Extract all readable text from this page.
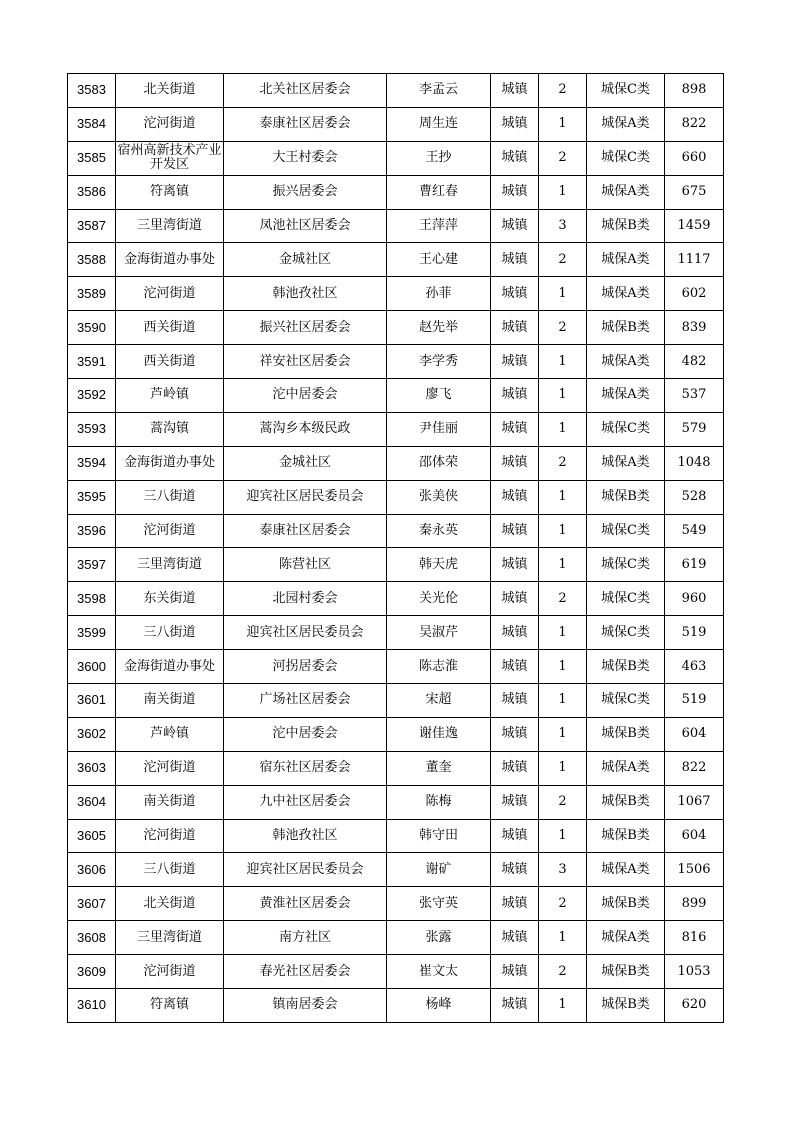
3583	北关街道	北关社区居委会	李孟云	城镇	2	城保C类	898
3584	沱河街道	泰康社区居委会	周生连	城镇	1	城保A类	822
3585	宿州高新技术产业开发区	大王村委会	王抄	城镇	2	城保C类	660
3586	符离镇	振兴居委会	曹红春	城镇	1	城保A类	675
3587	三里湾街道	凤池社区居委会	王萍萍	城镇	3	城保B类	1459
3588	金海街道办事处	金城社区	王心建	城镇	2	城保A类	1117
3589	沱河街道	韩池孜社区	孙菲	城镇	1	城保A类	602
3590	西关街道	振兴社区居委会	赵先举	城镇	2	城保B类	839
3591	西关街道	祥安社区居委会	李学秀	城镇	1	城保A类	482
3592	芦岭镇	沱中居委会	廖飞	城镇	1	城保A类	537
3593	蒿沟镇	蒿沟乡本级民政	尹佳丽	城镇	1	城保C类	579
3594	金海街道办事处	金城社区	邵体荣	城镇	2	城保A类	1048
3595	三八街道	迎宾社区居民委员会	张美侠	城镇	1	城保B类	528
3596	沱河街道	泰康社区居委会	秦永英	城镇	1	城保C类	549
3597	三里湾街道	陈营社区	韩天虎	城镇	1	城保C类	619
3598	东关街道	北园村委会	关光伦	城镇	2	城保C类	960
3599	三八街道	迎宾社区居民委员会	吴淑芹	城镇	1	城保C类	519
3600	金海街道办事处	河拐居委会	陈志淮	城镇	1	城保B类	463
3601	南关街道	广场社区居委会	宋超	城镇	1	城保C类	519
3602	芦岭镇	沱中居委会	谢佳逸	城镇	1	城保B类	604
3603	沱河街道	宿东社区居委会	董奎	城镇	1	城保A类	822
3604	南关街道	九中社区居委会	陈梅	城镇	2	城保B类	1067
3605	沱河街道	韩池孜社区	韩守田	城镇	1	城保B类	604
3606	三八街道	迎宾社区居民委员会	谢矿	城镇	3	城保A类	1506
3607	北关街道	黄淮社区居委会	张守英	城镇	2	城保B类	899
3608	三里湾街道	南方社区	张露	城镇	1	城保A类	816
3609	沱河街道	春光社区居委会	崔文太	城镇	2	城保B类	1053
3610	符离镇	镇南居委会	杨峰	城镇	1	城保B类	620
